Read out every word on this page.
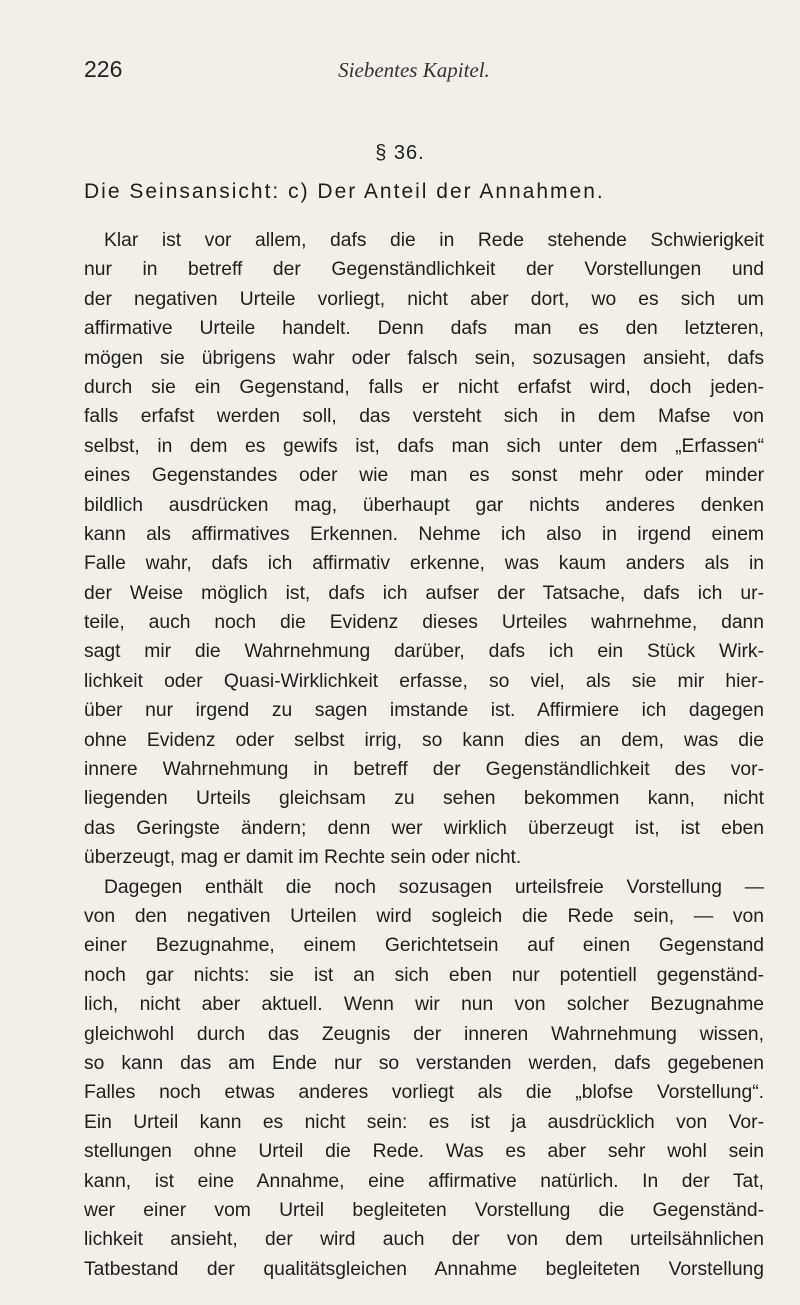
226	Siebentes Kapitel.
§ 36.
Die Seinsansicht: c) Der Anteil der Annahmen.
Klar ist vor allem, dafs die in Rede stehende Schwierigkeit
nur in betreff der Gegenständlichkeit der Vorstellungen und
der negativen Urteile vorliegt, nicht aber dort, wo es sich um
affirmative Urteile handelt. Denn dafs man es den letzteren,
mögen sie übrigens wahr oder falsch sein, sozusagen ansieht, dafs
durch sie ein Gegenstand, falls er nicht erfafst wird, doch jeden-
falls erfafst werden soll, das versteht sich in dem Mafse von
selbst, in dem es gewifs ist, dafs man sich unter dem „Erfassen“
eines Gegenstandes oder wie man es sonst mehr oder minder
bildlich ausdrücken mag, überhaupt gar nichts anderes denken
kann als affirmatives Erkennen. Nehme ich also in irgend einem
Falle wahr, dafs ich affirmativ erkenne, was kaum anders als in
der Weise möglich ist, dafs ich aufser der Tatsache, dafs ich ur-
teile, auch noch die Evidenz dieses Urteiles wahrnehme, dann
sagt mir die Wahrnehmung darüber, dafs ich ein Stück Wirk-
lichkeit oder Quasi-Wirklichkeit erfasse, so viel, als sie mir hier-
über nur irgend zu sagen imstande ist. Affirmiere ich dagegen
ohne Evidenz oder selbst irrig, so kann dies an dem, was die
innere Wahrnehmung in betreff der Gegenständlichkeit des vor-
liegenden Urteils gleichsam zu sehen bekommen kann, nicht
das Geringste ändern; denn wer wirklich überzeugt ist, ist eben
überzeugt, mag er damit im Rechte sein oder nicht.
Dagegen enthält die noch sozusagen urteilsfreie Vorstellung —
von den negativen Urteilen wird sogleich die Rede sein, — von
einer Bezugnahme, einem Gerichtetsein auf einen Gegenstand
noch gar nichts: sie ist an sich eben nur potentiell gegenständ-
lich, nicht aber aktuell. Wenn wir nun von solcher Bezugnahme
gleichwohl durch das Zeugnis der inneren Wahrnehmung wissen,
so kann das am Ende nur so verstanden werden, dafs gegebenen
Falles noch etwas anderes vorliegt als die „blofse Vorstellung“.
Ein Urteil kann es nicht sein: es ist ja ausdrücklich von Vor-
stellungen ohne Urteil die Rede. Was es aber sehr wohl sein
kann, ist eine Annahme, eine affirmative natürlich. In der Tat,
wer einer vom Urteil begleiteten Vorstellung die Gegenständ-
lichkeit ansieht, der wird auch der von dem urteilsähnlichen
Tatbestand der qualitätsgleichen Annahme begleiteten Vorstellung
